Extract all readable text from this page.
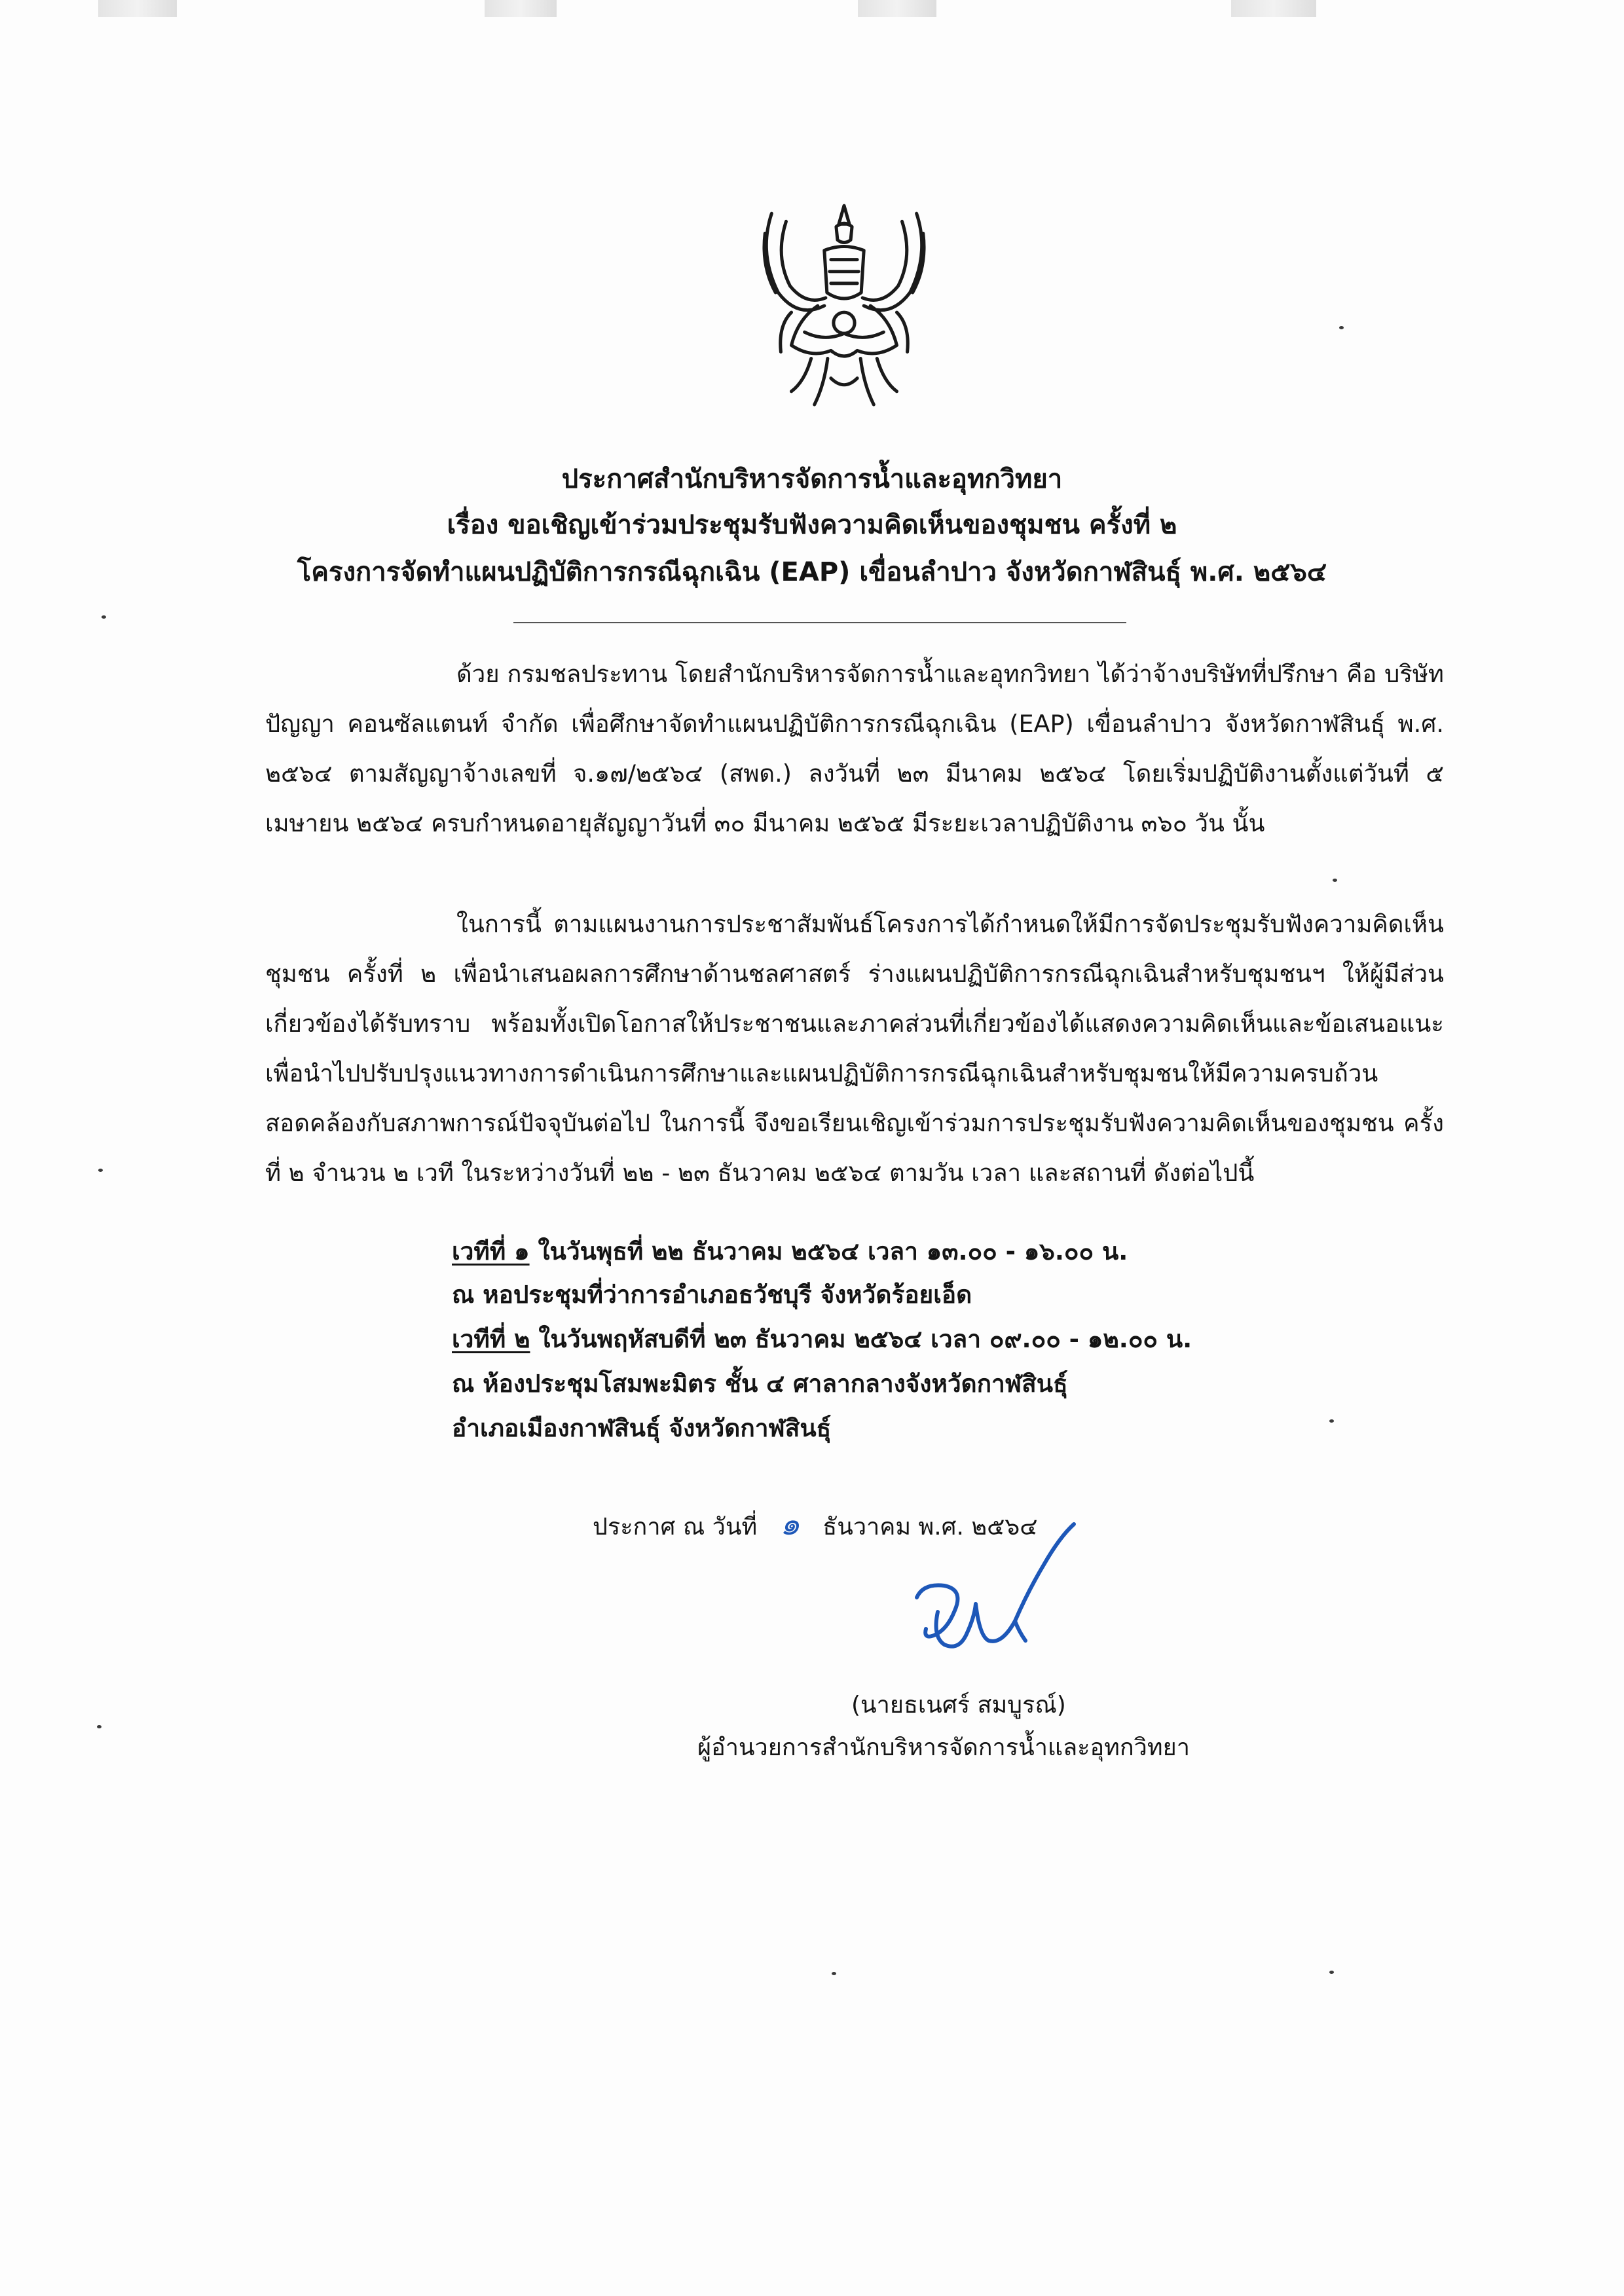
ประกาศสำนักบริหารจัดการน้ำและอุทกวิทยา
เรื่อง ขอเชิญเข้าร่วมประชุมรับฟังความคิดเห็นของชุมชน ครั้งที่ ๒
โครงการจัดทำแผนปฏิบัติการกรณีฉุกเฉิน (EAP) เขื่อนลำปาว จังหวัดกาฬสินธุ์ พ.ศ. ๒๕๖๔
ด้วย กรมชลประทาน โดยสำนักบริหารจัดการน้ำและอุทกวิทยา ได้ว่าจ้างบริษัทที่ปรึกษา คือ บริษัท ปัญญา คอนซัลแตนท์ จำกัด เพื่อศึกษาจัดทำแผนปฏิบัติการกรณีฉุกเฉิน (EAP) เขื่อนลำปาว จังหวัดกาฬสินธุ์ พ.ศ. ๒๕๖๔ ตามสัญญาจ้างเลขที่ จ.๑๗/๒๕๖๔ (สพด.) ลงวันที่ ๒๓ มีนาคม ๒๕๖๔ โดยเริ่มปฏิบัติงานตั้งแต่วันที่ ๕ เมษายน ๒๕๖๔ ครบกำหนดอายุสัญญาวันที่ ๓๐ มีนาคม ๒๕๖๕ มีระยะเวลาปฏิบัติงาน ๓๖๐ วัน นั้น
ในการนี้ ตามแผนงานการประชาสัมพันธ์โครงการได้กำหนดให้มีการจัดประชุมรับฟังความคิดเห็นชุมชน ครั้งที่ ๒ เพื่อนำเสนอผลการศึกษาด้านชลศาสตร์ ร่างแผนปฏิบัติการกรณีฉุกเฉินสำหรับชุมชนฯ ให้ผู้มีส่วนเกี่ยวข้องได้รับทราบ พร้อมทั้งเปิดโอกาสให้ประชาชนและภาคส่วนที่เกี่ยวข้องได้แสดงความคิดเห็นและข้อเสนอแนะ เพื่อนำไปปรับปรุงแนวทางการดำเนินการศึกษาและแผนปฏิบัติการกรณีฉุกเฉินสำหรับชุมชนให้มีความครบถ้วน สอดคล้องกับสภาพการณ์ปัจจุบันต่อไป ในการนี้ จึงขอเรียนเชิญเข้าร่วมการประชุมรับฟังความคิดเห็นของชุมชน ครั้งที่ ๒ จำนวน ๒ เวที ในระหว่างวันที่ ๒๒ - ๒๓ ธันวาคม ๒๕๖๔ ตามวัน เวลา และสถานที่ ดังต่อไปนี้
เวทีที่ ๑ ในวันพุธที่ ๒๒ ธันวาคม ๒๕๖๔ เวลา ๑๓.๐๐ - ๑๖.๐๐ น.
ณ หอประชุมที่ว่าการอำเภอธวัชบุรี จังหวัดร้อยเอ็ด
เวทีที่ ๒ ในวันพฤหัสบดีที่ ๒๓ ธันวาคม ๒๕๖๔ เวลา ๐๙.๐๐ - ๑๒.๐๐ น.
ณ ห้องประชุมโสมพะมิตร ชั้น ๔ ศาลากลางจังหวัดกาฬสินธุ์
อำเภอเมืองกาฬสินธุ์ จังหวัดกาฬสินธุ์
ประกาศ ณ วันที่ ๑ ธันวาคม พ.ศ. ๒๕๖๔
(นายธเนศร์ สมบูรณ์)
ผู้อำนวยการสำนักบริหารจัดการน้ำและอุทกวิทยา
